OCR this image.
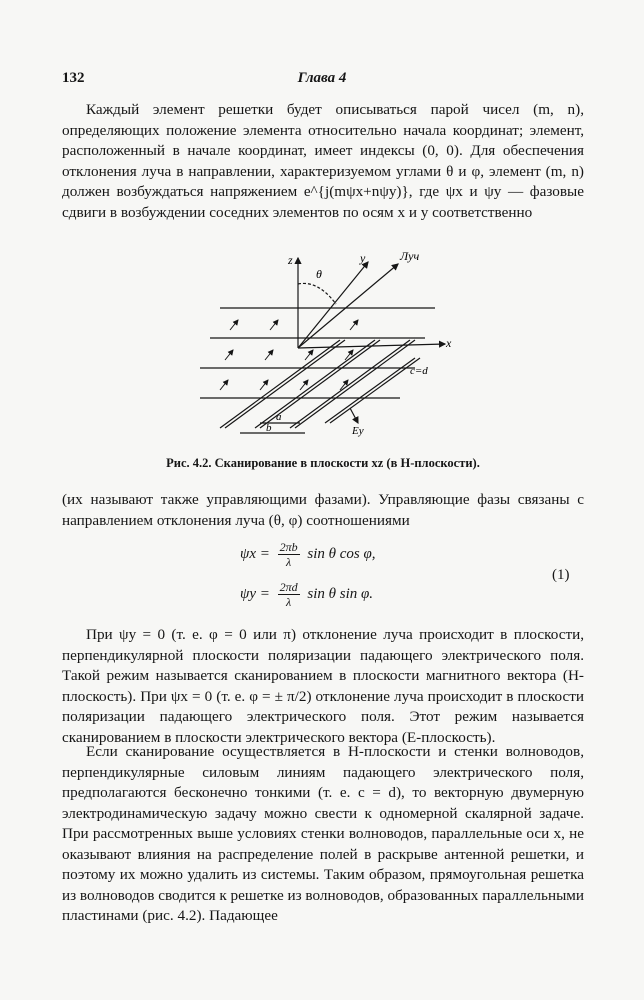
132	Глава 4
Каждый элемент решетки будет описываться парой чисел (m, n), определяющих положение элемента относительно начала координат; элемент, расположенный в начале координат, имеет индексы (0, 0). Для обеспечения отклонения луча в направлении, характеризуемом углами θ и φ, элемент (m, n) должен возбуждаться напряжением e^{j(mψx+nψy)}, где ψx и ψy — фазовые сдвиги в возбуждении соседних элементов по осям x и y соответственно
z	y
θ
Луч
x
c=d
a
b	Ey
Рис. 4.2. Сканирование в плоскости xz (в H-плоскости).
(их называют также управляющими фазами). Управляющие фазы связаны с направлением отклонения луча (θ, φ) соотношениями
$\psi x = \frac{2\pi b}{\lambda}$ sin θ cos φ,
$\psi y = \frac{2\pi d}{\lambda}$ sin θ sin φ.
(1)
При ψy = 0 (т. е. φ = 0 или π) отклонение луча происходит в плоскости, перпендикулярной плоскости поляризации падающего электрического поля. Такой режим называется сканированием в плоскости магнитного вектора (H-плоскость). При ψx = 0 (т. е. φ = ± π/2) отклонение луча происходит в плоскости поляризации падающего электрического поля. Этот режим называется сканированием в плоскости электрического вектора (E-плоскость).
Если сканирование осуществляется в H-плоскости и стенки волноводов, перпендикулярные силовым линиям падающего электрического поля, предполагаются бесконечно тонкими (т. е. c = d), то векторную двумерную электродинамическую задачу можно свести к одномерной скалярной задаче. При рассмотренных выше условиях стенки волноводов, параллельные оси x, не оказывают влияния на распределение полей в раскрыве антенной решетки, и поэтому их можно удалить из системы. Таким образом, прямоугольная решетка из волноводов сводится к решетке из волноводов, образованных параллельными пластинами (рис. 4.2). Падающее
